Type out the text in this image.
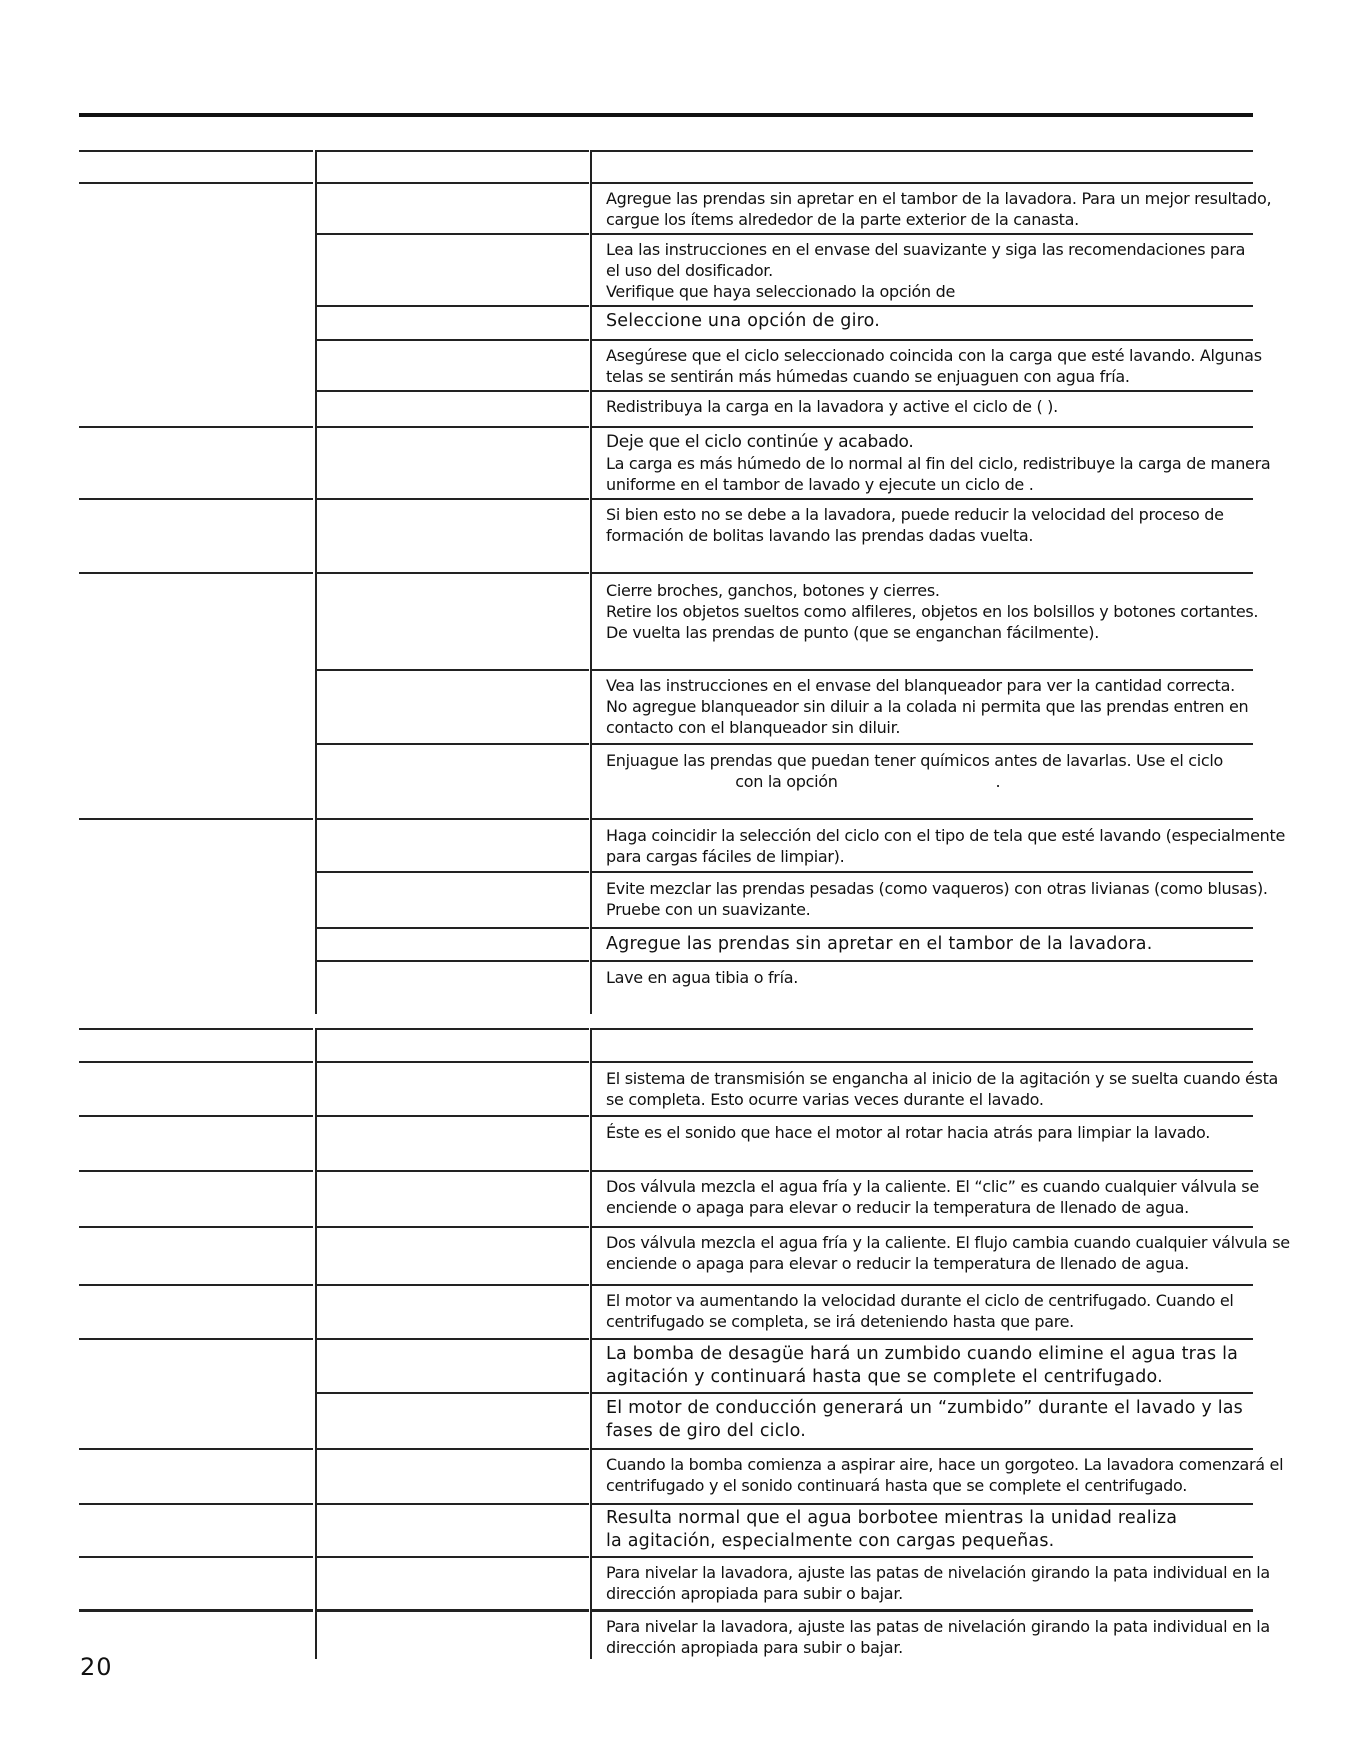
Agregue las prendas sin apretar en el tambor de la lavadora. Para un mejor resultado,
cargue los ítems alrededor de la parte exterior de la canasta.
Lea las instrucciones en el envase del suavizante y siga las recomendaciones para
el uso del dosificador.
Verifique que haya seleccionado la opción de
Seleccione una opción de giro.
Asegúrese que el ciclo seleccionado coincida con la carga que esté lavando. Algunas
telas se sentirán más húmedas cuando se enjuaguen con agua fría.
Redistribuya la carga en la lavadora y active el ciclo de ( ).
Deje que el ciclo continúe y acabado.
La carga es más húmedo de lo normal al fin del ciclo, redistribuye la carga de manera
uniforme en el tambor de lavado y ejecute un ciclo de .
Si bien esto no se debe a la lavadora, puede reducir la velocidad del proceso de
formación de bolitas lavando las prendas dadas vuelta.
Cierre broches, ganchos, botones y cierres.
Retire los objetos sueltos como alfileres, objetos en los bolsillos y botones cortantes.
De vuelta las prendas de punto (que se enganchan fácilmente).
Vea las instrucciones en el envase del blanqueador para ver la cantidad correcta.
No agregue blanqueador sin diluir a la colada ni permita que las prendas entren en
contacto con el blanqueador sin diluir.
Enjuague las prendas que puedan tener químicos antes de lavarlas. Use el ciclo
con la opción                                 .
Haga coincidir la selección del ciclo con el tipo de tela que esté lavando (especialmente
para cargas fáciles de limpiar).
Evite mezclar las prendas pesadas (como vaqueros) con otras livianas (como blusas).
Pruebe con un suavizante.
Agregue las prendas sin apretar en el tambor de la lavadora.
Lave en agua tibia o fría.
El sistema de transmisión se engancha al inicio de la agitación y se suelta cuando ésta
se completa. Esto ocurre varias veces durante el lavado.
Éste es el sonido que hace el motor al rotar hacia atrás para limpiar la lavado.
Dos válvula mezcla el agua fría y la caliente. El “clic” es cuando cualquier válvula se
enciende o apaga para elevar o reducir la temperatura de llenado de agua.
Dos válvula mezcla el agua fría y la caliente. El flujo cambia cuando cualquier válvula se
enciende o apaga para elevar o reducir la temperatura de llenado de agua.
El motor va aumentando la velocidad durante el ciclo de centrifugado. Cuando el
centrifugado se completa, se irá deteniendo hasta que pare.
La bomba de desagüe hará un zumbido cuando elimine el agua tras la
agitación y continuará hasta que se complete el centrifugado.
El motor de conducción generará un “zumbido” durante el lavado y las
fases de giro del ciclo.
Cuando la bomba comienza a aspirar aire, hace un gorgoteo. La lavadora comenzará el
centrifugado y el sonido continuará hasta que se complete el centrifugado.
Resulta normal que el agua borbotee mientras la unidad realiza
la agitación, especialmente con cargas pequeñas.
Para nivelar la lavadora, ajuste las patas de nivelación girando la pata individual en la
dirección apropiada para subir o bajar.
Para nivelar la lavadora, ajuste las patas de nivelación girando la pata individual en la
dirección apropiada para subir o bajar.
20
